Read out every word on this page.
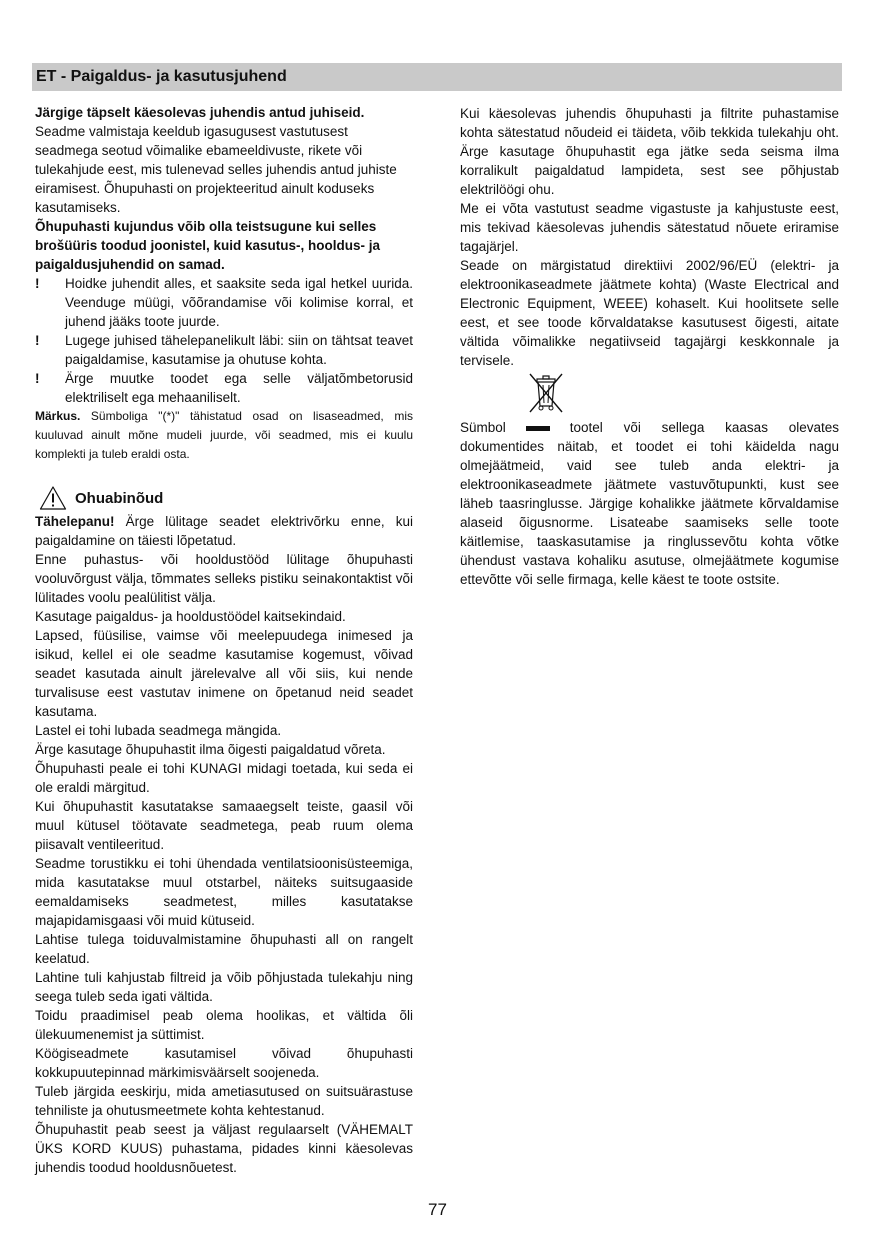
ET - Paigaldus- ja kasutusjuhend

Järgige täpselt käesolevas juhendis antud juhiseid.

Seadme valmistaja keeldub igasugusest vastutusest seadmega seotud võimalike ebameeldivuste, rikete või tulekahjude eest, mis tulenevad selles juhendis antud juhiste eiramisest. Õhupuhasti on projekteeritud ainult koduseks kasutamiseks.

Õhupuhasti kujundus võib olla teistsugune kui selles brošüüris toodud joonistel, kuid kasutus-, hooldus- ja paigaldusjuhendid on samad.

!	Hoidke juhendit alles, et saaksite seda igal hetkel uurida. Veenduge müügi, võõrandamise või kolimise korral, et juhend jääks toote juurde.
!	Lugege juhised tähelepanelikult läbi: siin on tähtsat teavet paigaldamise, kasutamise ja ohutuse kohta.
!	Ärge muutke toodet ega selle väljatõmbetorusid elektriliselt ega mehaaniliselt.

Märkus. Sümboliga "(*)" tähistatud osad on lisaseadmed, mis kuuluvad ainult mõne mudeli juurde, või seadmed, mis ei kuulu komplekti ja tuleb eraldi osta.

Ohuabinõud

Tähelepanu! Ärge lülitage seadet elektrivõrku enne, kui paigaldamine on täiesti lõpetatud.

Enne puhastus- või hooldustööd lülitage õhupuhasti vooluvõrgust välja, tõmmates selleks pistiku seinakontaktist või lülitades voolu pealülitist välja.

Kasutage paigaldus- ja hooldustöödel kaitsekindaid.

Lapsed, füüsilise, vaimse või meelepuudega inimesed ja isikud, kellel ei ole seadme kasutamise kogemust, võivad seadet kasutada ainult järelevalve all või siis, kui nende turvalisuse eest vastutav inimene on õpetanud neid seadet kasutama.

Lastel ei tohi lubada seadmega mängida.

Ärge kasutage õhupuhastit ilma õigesti paigaldatud võreta.

Õhupuhasti peale ei tohi KUNAGI midagi toetada, kui seda ei ole eraldi märgitud.

Kui õhupuhastit kasutatakse samaaegselt teiste, gaasil või muul kütusel töötavate seadmetega, peab ruum olema piisavalt ventileeritud.

Seadme torustikku ei tohi ühendada ventilatsioonisüsteemiga, mida kasutatakse muul otstarbel, näiteks suitsugaaside eemaldamiseks seadmetest, milles kasutatakse majapidamisgaasi või muid kütuseid.

Lahtise tulega toiduvalmistamine õhupuhasti all on rangelt keelatud.

Lahtine tuli kahjustab filtreid ja võib põhjustada tulekahju ning seega tuleb seda igati vältida.

Toidu praadimisel peab olema hoolikas, et vältida õli ülekuumenemist ja süttimist.

Köögiseadmete kasutamisel võivad õhupuhasti kokkupuutepinnad märkimisväärselt soojeneda.

Tuleb järgida eeskirju, mida ametiasutused on suitsuärastuse tehniliste ja ohutusmeetmete kohta kehtestanud.

Õhupuhastit peab seest ja väljast regulaarselt (VÄHEMALT ÜKS KORD KUUS) puhastama, pidades kinni käesolevas juhendis toodud hooldusnõuetest.

Kui käesolevas juhendis õhupuhasti ja filtrite puhastamise kohta sätestatud nõudeid ei täideta, võib tekkida tulekahju oht. Ärge kasutage õhupuhastit ega jätke seda seisma ilma korralikult paigaldatud lampideta, sest see põhjustab elektrilöögi ohu.

Me ei võta vastutust seadme vigastuste ja kahjustuste eest, mis tekivad käesolevas juhendis sätestatud nõuete eriramise tagajärjel.

Seade on märgistatud direktiivi 2002/96/EÜ (elektri- ja elektroonikaseadmete jäätmete kohta) (Waste Electrical and Electronic Equipment, WEEE) kohaselt. Kui hoolitsete selle eest, et see toode kõrvaldatakse kasutusest õigesti, aitate vältida võimalikke negatiivseid tagajärgi keskkonnale ja tervisele.

Sümbol	tootel või sellega kaasas olevates dokumentides näitab, et toodet ei tohi käidelda nagu olmejäätmeid, vaid see tuleb anda elektri- ja elektroonikaseadmete jäätmete vastuvõtupunkti, kust see läheb taasringlusse. Järgige kohalikke jäätmete kõrvaldamise alaseid õigusnorme. Lisateabe saamiseks selle toote käitlemise, taaskasutamise ja ringlussevõtu kohta võtke ühendust vastava kohaliku asutuse, olmejäätmete kogumise ettevõtte või selle firmaga, kelle käest te toote ostsite.

77
